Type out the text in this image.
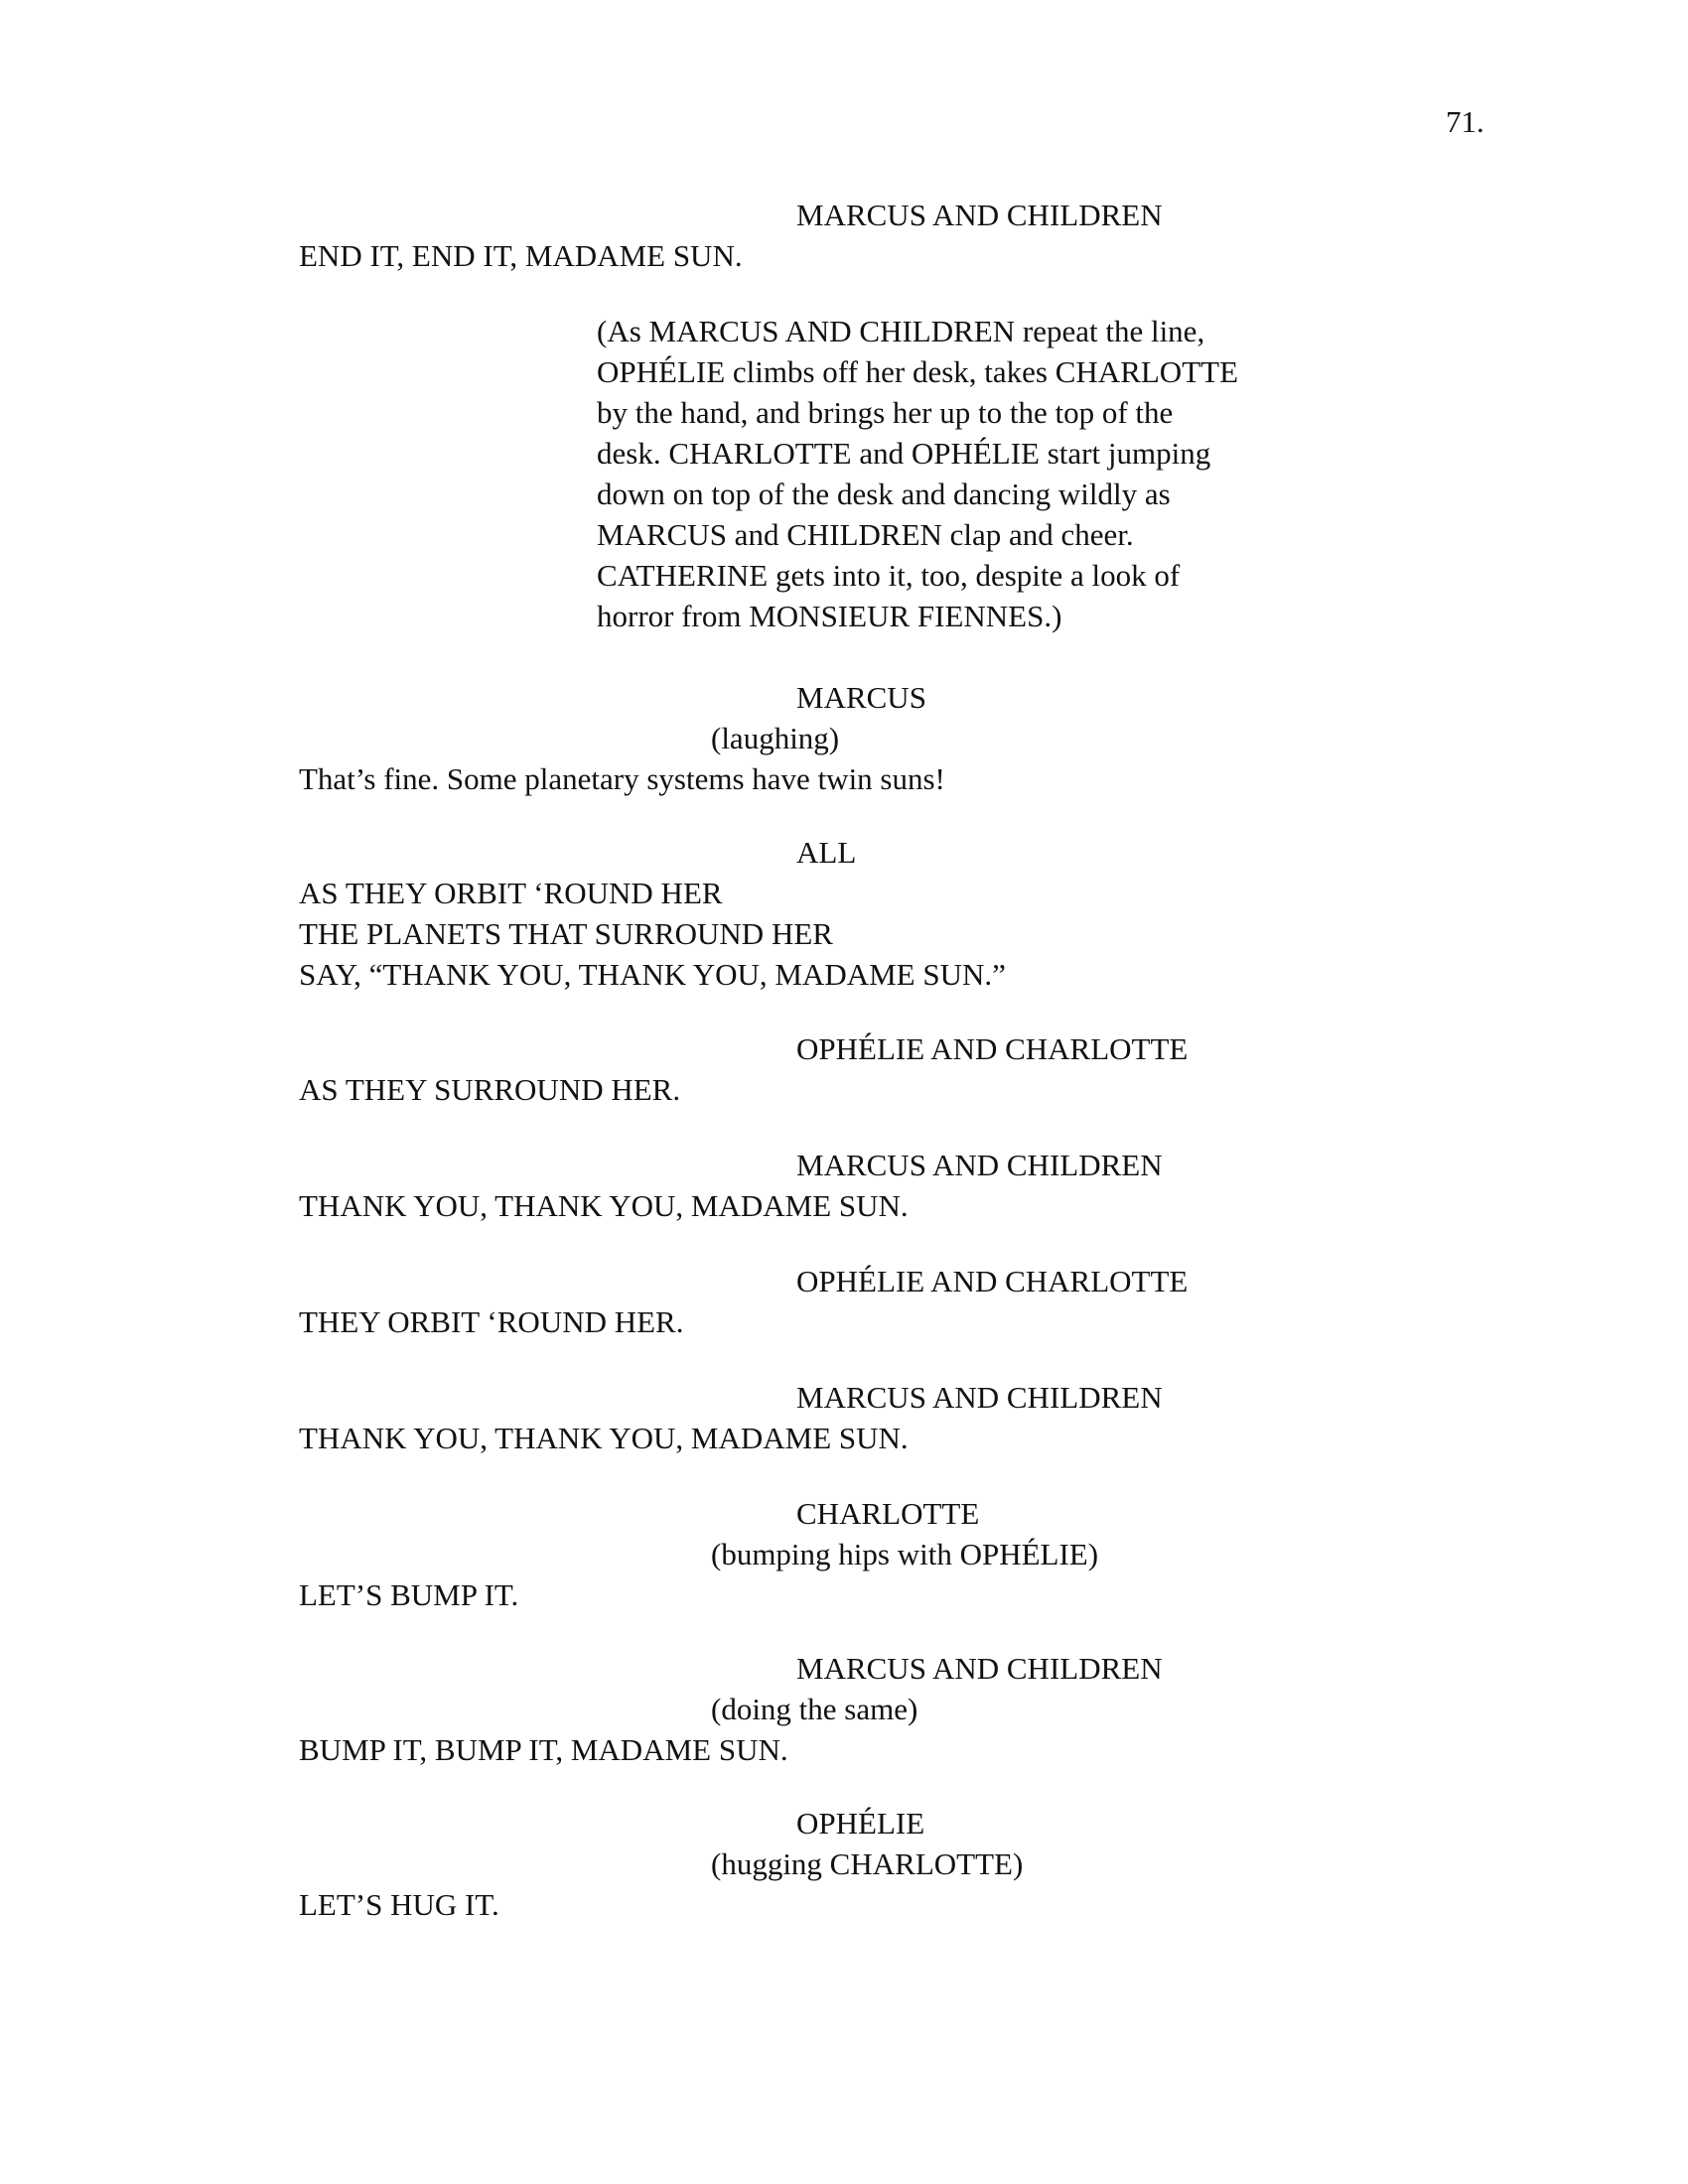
71.
MARCUS AND CHILDREN
END IT, END IT, MADAME SUN.
(As MARCUS AND CHILDREN repeat the line,
OPHÉLIE climbs off her desk, takes CHARLOTTE
by the hand, and brings her up to the top of the
desk. CHARLOTTE and OPHÉLIE start jumping
down on top of the desk and dancing wildly as
MARCUS and CHILDREN clap and cheer.
CATHERINE gets into it, too, despite a look of
horror from MONSIEUR FIENNES.)
MARCUS
(laughing)
That’s fine. Some planetary systems have twin suns!
ALL
AS THEY ORBIT ‘ROUND HER
THE PLANETS THAT SURROUND HER
SAY, “THANK YOU, THANK YOU, MADAME SUN.”
OPHÉLIE AND CHARLOTTE
AS THEY SURROUND HER.
MARCUS AND CHILDREN
THANK YOU, THANK YOU, MADAME SUN.
OPHÉLIE AND CHARLOTTE
THEY ORBIT ‘ROUND HER.
MARCUS AND CHILDREN
THANK YOU, THANK YOU, MADAME SUN.
CHARLOTTE
(bumping hips with OPHÉLIE)
LET’S BUMP IT.
MARCUS AND CHILDREN
(doing the same)
BUMP IT, BUMP IT, MADAME SUN.
OPHÉLIE
(hugging CHARLOTTE)
LET’S HUG IT.
